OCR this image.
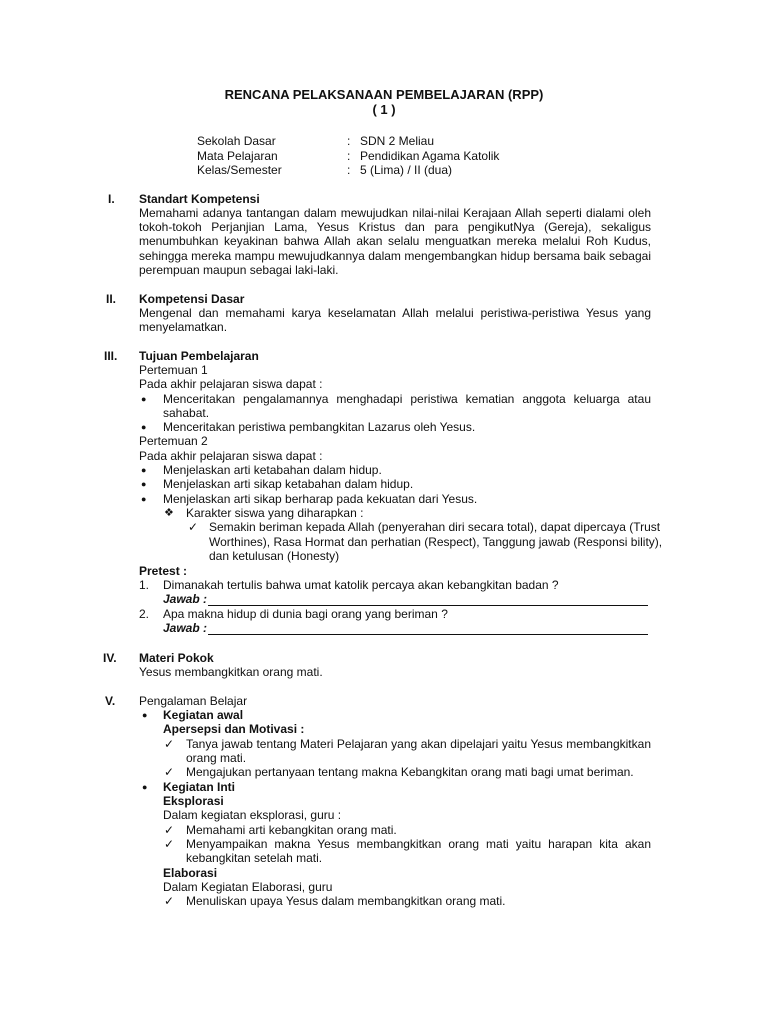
RENCANA PELAKSANAAN PEMBELAJARAN (RPP)
( 1 )
Sekolah Dasar	: SDN 2 Meliau
Mata Pelajaran	: Pendidikan Agama Katolik
Kelas/Semester	: 5 (Lima) / II (dua)
I. Standart Kompetensi
Memahami adanya tantangan dalam mewujudkan nilai-nilai Kerajaan Allah seperti dialami oleh
tokoh-tokoh Perjanjian Lama, Yesus Kristus dan para pengikutNya (Gereja), sekaligus
menumbuhkan keyakinan bahwa Allah akan selalu menguatkan mereka melalui Roh Kudus,
sehingga mereka mampu mewujudkannya dalam mengembangkan hidup bersama baik sebagai
perempuan maupun sebagai laki-laki.
II. Kompetensi Dasar
Mengenal dan memahami karya keselamatan Allah melalui peristiwa-peristiwa Yesus yang
menyelamatkan.
III. Tujuan Pembelajaran
Pertemuan 1
Pada akhir pelajaran siswa dapat :
● Menceritakan pengalamannya menghadapi peristiwa kematian anggota keluarga atau
sahabat.
● Menceritakan peristiwa pembangkitan Lazarus oleh Yesus.
Pertemuan 2
Pada akhir pelajaran siswa dapat :
● Menjelaskan arti ketabahan dalam hidup.
● Menjelaskan arti sikap ketabahan dalam hidup.
● Menjelaskan arti sikap berharap pada kekuatan dari Yesus.
❖ Karakter siswa yang diharapkan :
✓ Semakin beriman kepada Allah (penyerahan diri secara total), dapat dipercaya (Trust
Worthines), Rasa Hormat dan perhatian (Respect), Tanggung jawab (Responsi bility),
dan ketulusan (Honesty)
Pretest :
1. Dimanakah tertulis bahwa umat katolik percaya akan kebangkitan badan ?
Jawab :
2. Apa makna hidup di dunia bagi orang yang beriman ?
Jawab :
IV. Materi Pokok
Yesus membangkitkan orang mati.
V. Pengalaman Belajar
● Kegiatan awal
Apersepsi dan Motivasi :
✓ Tanya jawab tentang Materi Pelajaran yang akan dipelajari yaitu Yesus membangkitkan
orang mati.
✓ Mengajukan pertanyaan tentang makna Kebangkitan orang mati bagi umat beriman.
● Kegiatan Inti
Eksplorasi
Dalam kegiatan eksplorasi, guru :
✓ Memahami arti kebangkitan orang mati.
✓ Menyampaikan makna Yesus membangkitkan orang mati yaitu harapan kita akan
kebangkitan setelah mati.
Elaborasi
Dalam Kegiatan Elaborasi, guru
✓ Menuliskan upaya Yesus dalam membangkitkan orang mati.
